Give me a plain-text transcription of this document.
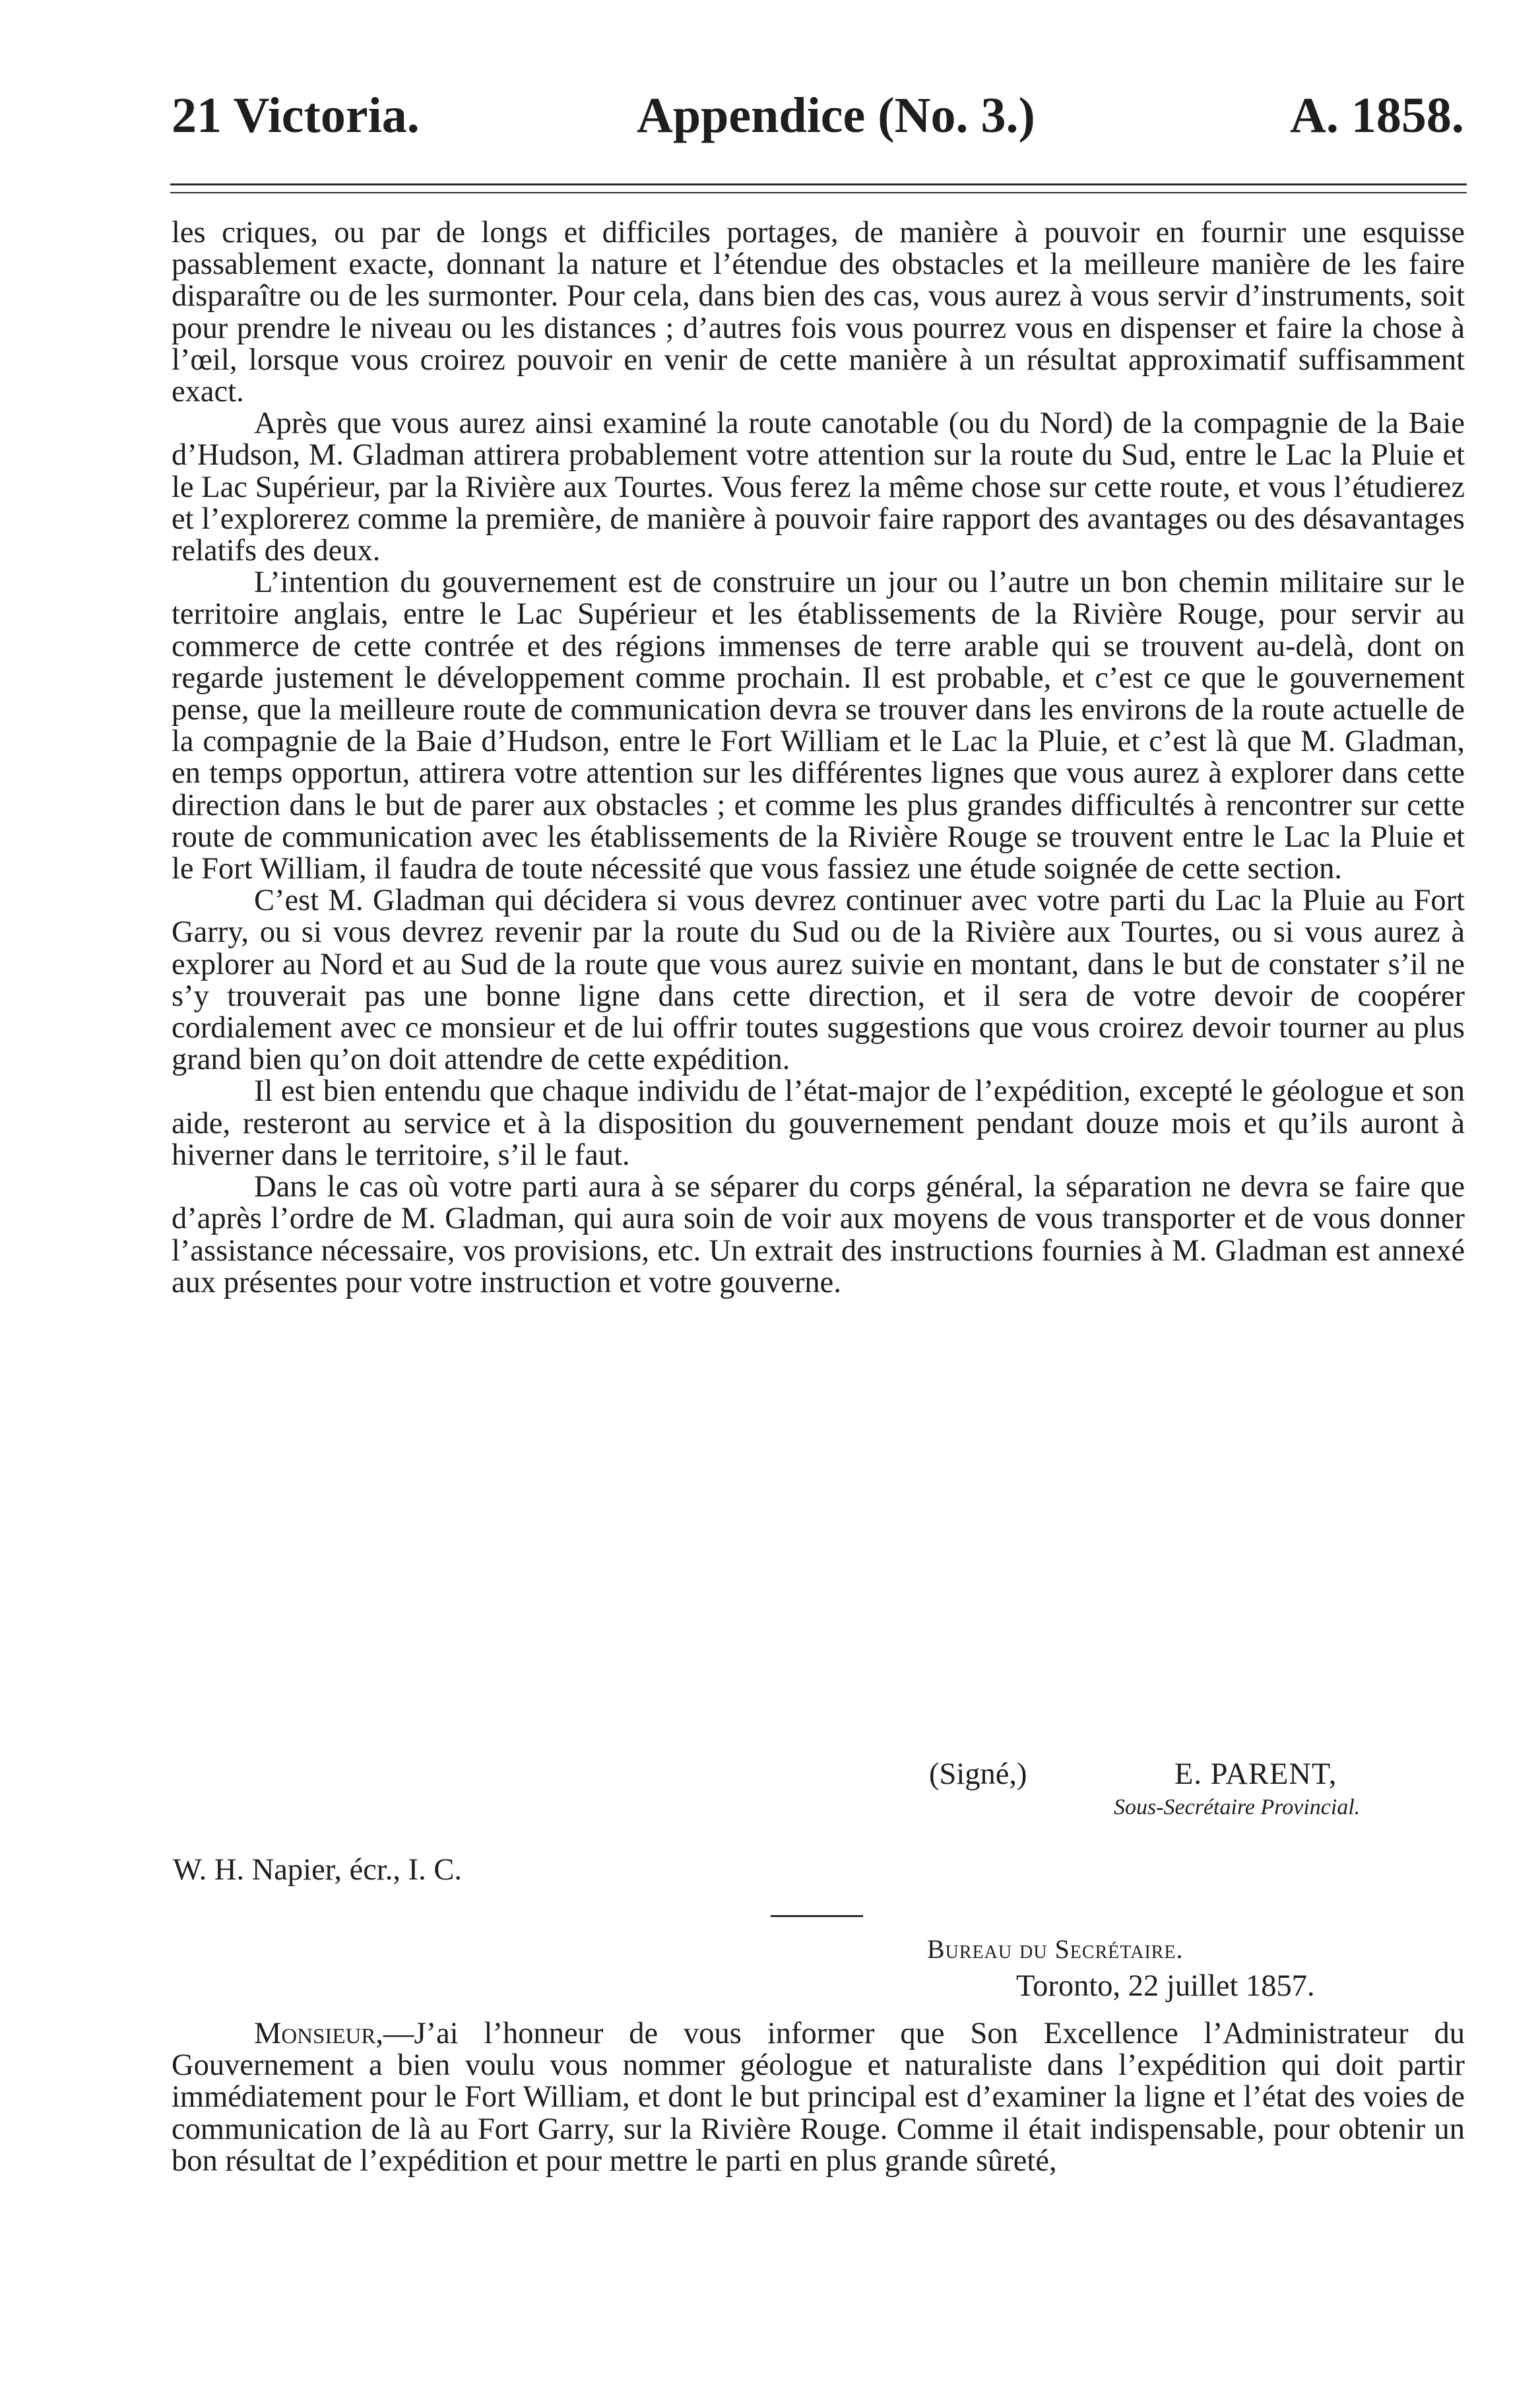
21 Victoria.	Appendice (No. 3.)	A. 1858.

les criques, ou par de longs et difficiles portages, de manière à pouvoir en fournir une esquisse passablement exacte, donnant la nature et l’étendue des obstacles et la meilleure manière de les faire disparaître ou de les surmonter. Pour cela, dans bien des cas, vous aurez à vous servir d’instruments, soit pour prendre le niveau ou les distances ; d’autres fois vous pourrez vous en dispenser et faire la chose à l’œil, lorsque vous croirez pouvoir en venir de cette manière à un résultat approximatif suffisamment exact.

Après que vous aurez ainsi examiné la route canotable (ou du Nord) de la compagnie de la Baie d’Hudson, M. Gladman attirera probablement votre attention sur la route du Sud, entre le Lac la Pluie et le Lac Supérieur, par la Rivière aux Tourtes. Vous ferez la même chose sur cette route, et vous l’étudierez et l’explorerez comme la première, de manière à pouvoir faire rapport des avantages ou des désavantages relatifs des deux.

L’intention du gouvernement est de construire un jour ou l’autre un bon chemin militaire sur le territoire anglais, entre le Lac Supérieur et les établissements de la Rivière Rouge, pour servir au commerce de cette contrée et des régions immenses de terre arable qui se trouvent au-delà, dont on regarde justement le développement comme prochain. Il est probable, et c’est ce que le gouvernement pense, que la meilleure route de communication devra se trouver dans les environs de la route actuelle de la compagnie de la Baie d’Hudson, entre le Fort William et le Lac la Pluie, et c’est là que M. Gladman, en temps opportun, attirera votre attention sur les différentes lignes que vous aurez à explorer dans cette direction dans le but de parer aux obstacles ; et comme les plus grandes difficultés à rencontrer sur cette route de communication avec les établissements de la Rivière Rouge se trouvent entre le Lac la Pluie et le Fort William, il faudra de toute nécessité que vous fassiez une étude soignée de cette section.

C’est M. Gladman qui décidera si vous devrez continuer avec votre parti du Lac la Pluie au Fort Garry, ou si vous devrez revenir par la route du Sud ou de la Rivière aux Tourtes, ou si vous aurez à explorer au Nord et au Sud de la route que vous aurez suivie en montant, dans le but de constater s’il ne s’y trouverait pas une bonne ligne dans cette direction, et il sera de votre devoir de coopérer cordialement avec ce monsieur et de lui offrir toutes suggestions que vous croirez devoir tourner au plus grand bien qu’on doit attendre de cette expédition.

Il est bien entendu que chaque individu de l’état-major de l’expédition, excepté le géologue et son aide, resteront au service et à la disposition du gouvernement pendant douze mois et qu’ils auront à hiverner dans le territoire, s’il le faut.

Dans le cas où votre parti aura à se séparer du corps général, la séparation ne devra se faire que d’après l’ordre de M. Gladman, qui aura soin de voir aux moyens de vous transporter et de vous donner l’assistance nécessaire, vos provisions, etc. Un extrait des instructions fournies à M. Gladman est annexé aux présentes pour votre instruction et votre gouverne.

(Signé,)	E. PARENT,
Sous-Secrétaire Provincial.
W. H. Napier, écr., I. C.
Bureau du Secrétaire.
Toronto, 22 juillet 1857.

Monsieur,—J’ai l’honneur de vous informer que Son Excellence l’Administrateur du Gouvernement a bien voulu vous nommer géologue et naturaliste dans l’expédition qui doit partir immédiatement pour le Fort William, et dont le but principal est d’examiner la ligne et l’état des voies de communication de là au Fort Garry, sur la Rivière Rouge. Comme il était indispensable, pour obtenir un bon résultat de l’expédition et pour mettre le parti en plus grande sûreté,
